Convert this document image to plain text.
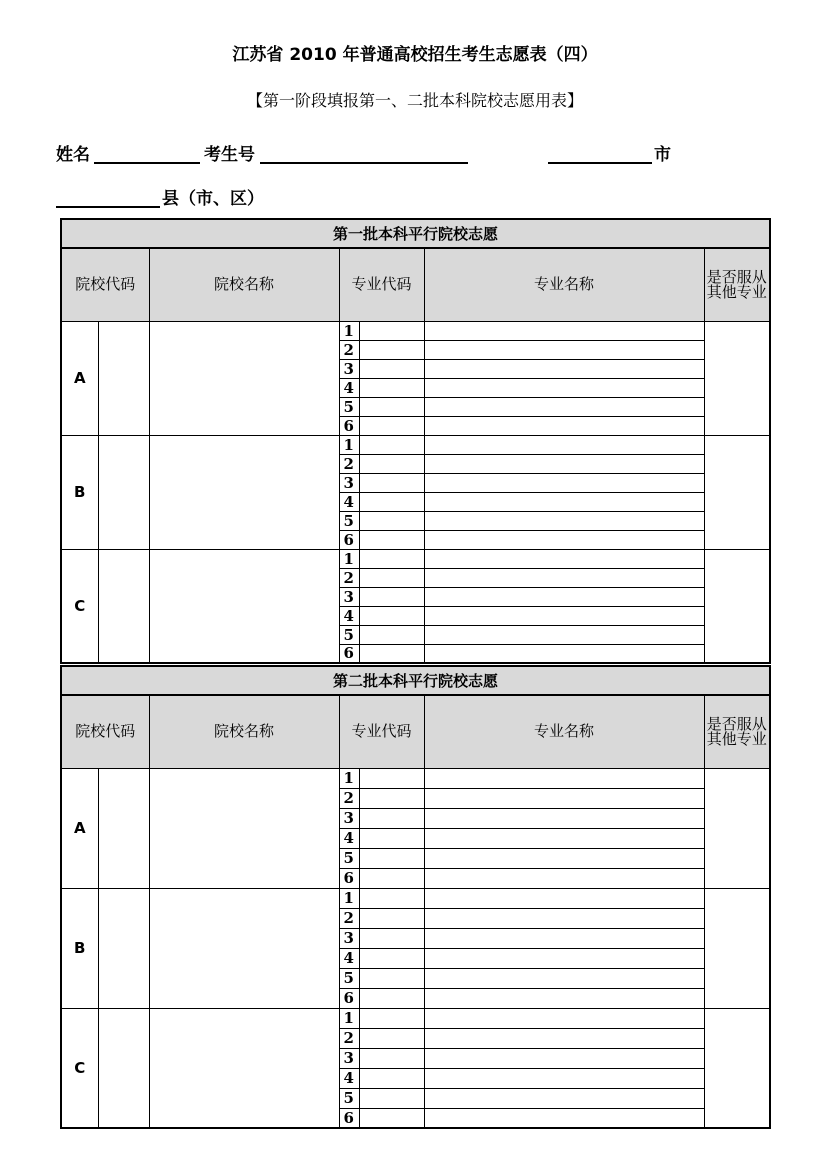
江苏省 2010 年普通高校招生考生志愿表（四）
【第一阶段填报第一、二批本科院校志愿用表】
姓名	考生号	市
县（市、区）
第一批本科平行院校志愿						
院校代码		院校名称	专业代码		专业名称	是否服从其他专业
A			1			
			2			
			3			
			4			
			5			
			6			
B			1			
			2			
			3			
			4			
			5			
			6			
C			1			
			2			
			3			
			4			
			5			
			6			
第二批本科平行院校志愿						
院校代码		院校名称	专业代码		专业名称	是否服从其他专业
A			1			
			2			
			3			
			4			
			5			
			6			
B			1			
			2			
			3			
			4			
			5			
			6			
C			1			
			2			
			3			
			4			
			5			
			6			
